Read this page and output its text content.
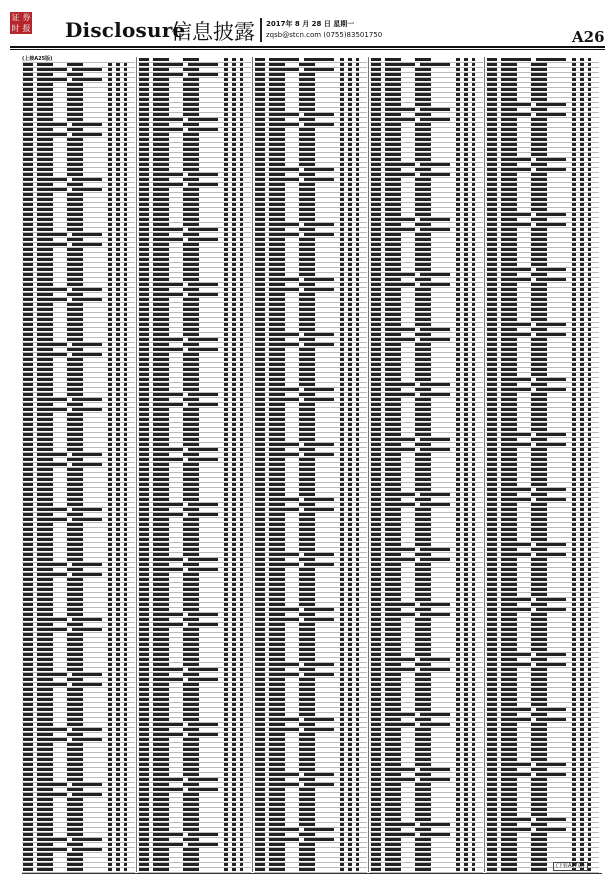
证 券
时 报 Disclosure
信息披露 2017年 8 月 28 日 星期一
zqsb@stcn.com (0755)83501750	A26
(上接A25版)
(下转A27版)
